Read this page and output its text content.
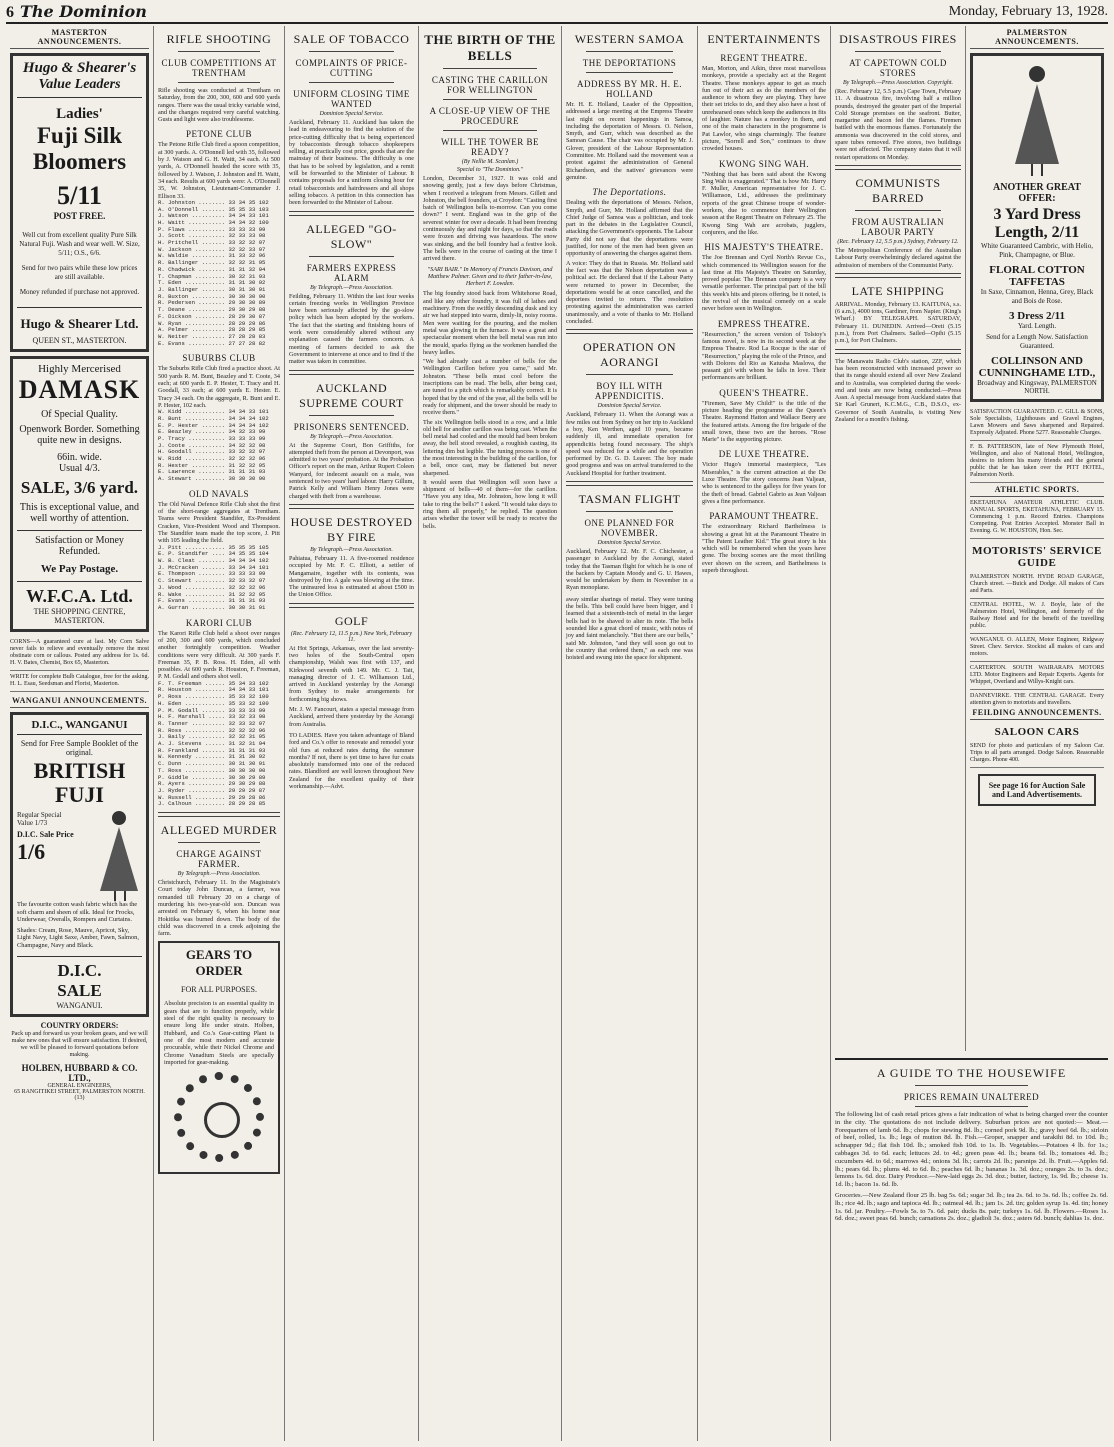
6 The Dominion	Monday, February 13, 1928.
MASTERTON ANNOUNCEMENTS.
Hugo & Shearer's
Value Leaders
Ladies'
Fuji Silk Bloomers
5/11
POST FREE.
Well cut from excellent quality Pure Silk Natural Fuji. Wash and wear well. W. Size, 5/11; O.S., 6/6.
Send for two pairs while these low prices are still available.
Money refunded if purchase not approved.
Hugo & Shearer Ltd.
QUEEN ST., MASTERTON.
Highly Mercerised
DAMASK
Of Special Quality.
Openwork Border. Something quite new in designs.
66in. wide.
Usual 4/3.
SALE, 3/6 yard.
This is exceptional value, and well worthy of attention.
Satisfaction or Money Refunded.
We Pay Postage.
W.F.C.A. Ltd.
THE SHOPPING CENTRE,
MASTERTON.
CORNS—A guaranteed cure at last. My Corn Salve never fails to relieve and eventually remove the most obstinate corn or callous. Posted any address for 1s. 6d. H. V. Bates, Chemist, Box 65, Masterton.
WRITE for complete Bulb Catalogue, free for the asking. H. L. Esau, Seedsman and Florist, Masterton.
WANGANUI ANNOUNCEMENTS.
D.I.C., WANGANUI
Send for Free Sample Booklet of the original.
BRITISH FUJI
Regular Special Value 1/73
D.I.C. Sale Price
1/6
The favourite cotton wash fabric which has the soft charm and sheen of silk. Ideal for Frocks, Underwear, Overalls, Rompers and Curtains.
Shades: Cream, Rose, Mauve, Apricot, Sky, Light Navy, Light Saxe, Amber, Fawn, Salmon, Champagne, Navy and Black.
D.I.C.
SALE
WANGANUI.
COUNTRY ORDERS:
Pack up and forward us your broken gears, and we will make new ones that will ensure satisfaction. If desired, we will be pleased to forward quotations before making.
HOLBEN, HUBBARD & CO. LTD.,
GENERAL ENGINEERS,
65 RANGITIKEI STREET, PALMERSTON NORTH. (13)
RIFLE SHOOTING
CLUB COMPETITIONS AT TRENTHAM
Rifle shooting was conducted at Trentham on Saturday, from the 200, 300, 600 and 600 yards ranges. There was the usual tricky variable wind, and the changes required very careful watching. Gusts and light were also troublesome.
PETONE CLUB
The Petone Rifle Club fired a spoon competition, at 300 yards. A. O'Donnell led with 35, followed by J. Watson and G. H. Waitt, 34 each. At 500 yards, A. O'Donnell headed the score with 35, followed by J. Watson, J. Johnston and H. Waitt, 34 each. Results at 600 yards were: A. O'Donnell 35, W. Johnston, Lieutenant-Commander J. Ellison 33.
R. Johnston ........ 33 34 35 102
A. O'Donnell ....... 35 35 33 103
J. Watson .......... 34 34 33 101
H. Waitt ........... 34 34 32 100
P. Flaws ........... 33 33 33 99
J. Scott ........... 32 33 33 98
H. Pritchell ....... 33 32 32 97
W. Jackson ......... 32 32 33 97
W. Waldie .......... 31 33 32 96
R. Ballinger ....... 32 32 31 95
R. Chadwick ........ 31 31 32 94
T. Chapman ......... 30 32 31 93
T. Eden ............ 31 31 30 92
J. Ballinger ....... 30 31 30 91
R. Buxton .......... 30 30 30 90
R. Pedersen ........ 29 30 30 89
T. Deane ........... 29 30 29 88
F. Dickson ......... 28 29 30 87
W. Ryan ............ 28 29 29 86
A. Pelmer .......... 28 28 29 85
W. Neiter .......... 27 28 28 83
E. Evans ........... 27 27 28 82
SUBURBS CLUB
The Suburbs Rifle Club fired a practice shoot. At 500 yards R. M. Bunt, Beazley and T. Coote, 34 each; at 600 yards E. P. Hester, T. Tracy and H. Goodall, 33 each; at 600 yards E. Hester. E. Tracy 34 each. On the aggregate, R. Bunt and E. P. Hester, 102 each.
W. Kidd ............ 34 34 33 101
R. Bunt ............ 34 34 34 102
E. P. Hester ....... 34 34 34 102
E. Beazley ......... 34 32 33 99
P. Tracy ........... 33 33 33 99
J. Coote ........... 34 32 32 98
H. Goodall ......... 33 32 32 97
W. Ridd ............ 32 32 32 96
R. Hester .......... 31 32 32 95
E. Lawrence ........ 31 31 31 93
A. Stewart ......... 30 30 30 90
OLD NAVALS
The Old Naval Defence Rifle Club shot the first of the short-range aggregates at Trentham. Teams were President Standifer, Ex-President Cracken, Vice-President Wood and Thompson. The Standifer team made the top score, J. Pitt with 105 leading the field.
J. Pitt ............ 35 35 35 105
E. P. Standifer .... 34 35 35 104
W. B. Cleat ........ 34 34 34 102
J. McCracken ....... 33 34 34 101
E. Thompson ........ 33 33 33 99
C. Stewart ......... 32 33 32 97
J. Wood ............ 32 32 32 96
R. Wake ............ 31 32 32 95
F. Evans ........... 31 31 31 93
A. Gurran .......... 30 30 31 91
KARORI CLUB
The Karori Rifle Club held a shoot over ranges of 200, 300 and 600 yards, which concluded another fortnightly competition. Weather conditions were very difficult. At 300 yards F. Freeman 35, P. B. Ross. H. Eden, all with possibles. At 600 yards R. Houston, F. Freeman, P. M. Godall and others shot well.
F. T. Freeman ...... 35 34 33 102
R. Houston ......... 34 34 33 101
P. Ross ............ 35 33 32 100
H. Eden ............ 35 33 32 100
P. M. Godall ....... 33 33 33 99
H. F. Marshall ..... 33 32 33 98
R. Tanner .......... 32 33 32 97
R. Ross ............ 32 32 32 96
J. Baily ........... 32 32 31 95
A. J. Stevens ...... 31 32 31 94
R. Frankland ....... 31 31 31 93
W. Kennedy ......... 31 31 30 92
C. Dunn ............ 30 31 30 91
T. Ross ............ 30 30 30 90
P. Giddle .......... 30 30 29 89
R. Ayers ........... 29 30 29 88
J. Ryder ........... 29 29 29 87
W. Russell ......... 29 29 28 86
J. Calhoun ......... 28 29 28 85
ALLEGED MURDER
CHARGE AGAINST FARMER.
By Telegraph.—Press Association.
Christchurch, February 11. In the Magistrate's Court today John Duncan, a farmer, was remanded till February 20 on a charge of murdering his two-year-old son. Duncan was arrested on February 6, when his home near Hokitika was burned down. The body of the child was discovered in a creek adjoining the farm.
GEARS TO ORDER
FOR ALL PURPOSES.
Absolute precision is an essential quality in gears that are to function properly, while steel of the right quality is necessary to ensure long life under strain. Holben, Hubbard, and Co.'s Gear-cutting Plant is one of the most modern and accurate procurable, while their Nickel Chrome and Chrome Vanadium Steels are specially imported for gear-making.
SALE OF TOBACCO
COMPLAINTS OF PRICE-CUTTING
UNIFORM CLOSING TIME WANTED
Dominion Special Service.
Auckland, February 11. Auckland has taken the lead in endeavouring to find the solution of the price-cutting difficulty that is being experienced by tobacconists through tobacco shopkeepers selling, at practically cost price, goods that are the mainstay of their business. The difficulty is one that has to be solved by legislation, and a remit will be forwarded to the Minister of Labour. It contains proposals for a uniform closing hour for retail tobacconists and hairdressers and all shops selling tobacco. A petition in this connection has been forwarded to the Minister of Labour.
ALLEGED "GO-SLOW"
FARMERS EXPRESS ALARM
By Telegraph.—Press Association.
Feilding, February 11. Within the last four weeks certain freezing works in Wellington Province have been seriously affected by the go-slow policy which has been adopted by the workers. The fact that the starting and finishing hours of work were considerably altered without any explanation caused the farmers concern. A meeting of farmers decided to ask the Government to intervene at once and to find if the matter was taken in committee.
AUCKLAND SUPREME COURT
PRISONERS SENTENCED.
By Telegraph.—Press Association.
At the Supreme Court, Bon Griffiths, for attempted theft from the person at Devonport, was admitted to two years' probation. At the Probation Officer's report on the man, Arthur Rupert Coleen Wanyard, for indecent assault on a male, was sentenced to two years' hard labour. Harry Gillum, Patrick Kelly and William Henry Jones were charged with theft from a warehouse.
HOUSE DESTROYED BY FIRE
By Telegraph.—Press Association.
Pahiatua, February 11. A five-roomed residence occupied by Mr. F. C. Elliott, a settler of Mangamaire, together with its contents, was destroyed by fire. A gale was blowing at the time. The uninsured loss is estimated at about £500 in the Union Office.
GOLF
(Rec. February 12, 11.5 p.m.) New York, February 11.
At Hot Springs, Arkansas, over the last seventy-two holes of the South-Central open championship, Walsh was first with 137, and Kirkwood seventh with 149. Mr. C. J. Tait, managing director of J. C. Williamson Ltd., arrived in Auckland yesterday by the Aorangi from Sydney to make arrangements for forthcoming big shows.
Mr. J. W. Fancourt, states a special message from Auckland, arrived there yesterday by the Aorangi from Australia.
TO LADIES. Have you taken advantage of Bland ford and Co.'s offer to renovate and remodel your old furs at reduced rates during the summer months? If not, there is yet time to have fur coats absolutely transformed into one of the reduced rates. Blandford are well known throughout New Zealand for the excellent quality of their workmanship.—Advt.
THE BIRTH OF THE BELLS
CASTING THE CARILLON FOR WELLINGTON
A CLOSE-UP VIEW OF THE PROCEDURE
WILL THE TOWER BE READY?
(By Nellie M. Scanlan.)
Special to "The Dominion."
London, December 31, 1927. It was cold and snowing gently, just a few days before Christmas, when I received a telegram from Messrs. Gillett and Johnston, the bell founders, at Croydon: "Casting first batch of Wellington bells to-morrow. Can you come down?" I went. England was in the grip of the severest winter for over a decade. It had been freezing continuously day and night for days, so that the roads were frozen and driving was hazardous. The snow was sinking, and the bell foundry had a festive look. The bells were in the course of casting at the time I arrived there.
"SARI BAIR." In Memory of Francis Davison, and Matthew Palmer. Given and to their father-in-law, Herbert F. Lowden.
The big foundry stood back from Whitehorse Road, and like any other foundry, it was full of lathes and machinery. From the swiftly descending dusk and icy air we had stepped into warm, dimly-lit, noisy rooms. Men were waiting for the pouring, and the molten metal was glowing in the furnace. It was a great and spectacular moment when the bell metal was run into the mould, sparks flying as the workmen handled the heavy ladles.
"We had already cast a number of bells for the Wellington Carillon before you came," said Mr. Johnston. "These bells must cool before the inscriptions can be read. The bells, after being cast, are tuned to a pitch which is remarkably correct. It is hoped that by the end of the year, all the bells will be ready for shipment, and the tower should be ready to receive them."
The six Wellington bells stood in a row, and a little old bell for another carillon was being cast. When the bell metal had cooled and the mould had been broken away, the bell stood revealed, a roughish casting, its lettering dim but legible. The tuning process is one of the most interesting in the building of the carillon, for a bell, once cast, may be flattened but never sharpened.
It would seem that Wellington will soon have a shipment of bells—40 of them—for the carillon. "Have you any idea, Mr. Johnston, how long it will take to ring the bells?" I asked. "It would take days to ring them all properly," he replied. The question arises whether the tower will be ready to receive the bells.
WESTERN SAMOA
THE DEPORTATIONS
ADDRESS BY MR. H. E. HOLLAND
Mr. H. E. Holland, Leader of the Opposition, addressed a large meeting at the Empress Theatre last night on recent happenings in Samoa, including the deportation of Messrs. O. Nelson, Smyth, and Gurr, which was described as the Samoan Cause. The chair was occupied by Mr. J. Glover, president of the Labour Representation Committee. Mr. Holland said the movement was a protest against the administration of General Richardson, and the natives' grievances were genuine.
The Deportations.
Dealing with the deportations of Messrs. Nelson, Smyth, and Gurr, Mr. Holland affirmed that the Chief Judge of Samoa was a politician, and took part in the debates in the Legislative Council, attacking the Government's opponents. The Labour Party did not say that the deportations were justified, for none of the men had been given an opportunity of answering the charges against them.
A voice: They do that in Russia. Mr. Holland said the fact was that the Nelson deportation was a political act. He declared that if the Labour Party were returned to power in December, the deportations would be at once cancelled, and the deportees invited to return. The resolution protesting against the administration was carried unanimously, and a vote of thanks to Mr. Holland concluded.
OPERATION ON AORANGI
BOY ILL WITH APPENDICITIS.
Dominion Special Service.
Auckland, February 11. When the Aorangi was a few miles out from Sydney on her trip to Auckland a boy, Ken Werthen, aged 10 years, became suddenly ill, and immediate operation for appendicitis being found necessary. The ship's speed was reduced for a while and the operation performed by Dr. G. D. Leaver. The boy made good progress and was on arrival transferred to the Auckland Hospital for further treatment.
TASMAN FLIGHT
ONE PLANNED FOR NOVEMBER.
Dominion Special Service.
Auckland, February 12. Mr. F. C. Chichester, a passenger to Auckland by the Aorangi, stated today that the Tasman flight for which he is one of the backers by Captain Moody and G. U. Hawes, would be undertaken by them in November in a Ryan monoplane.
away similar sharings of metal. They were tuning the bells. This bell could have been bigger, and I learned that a sixteenth-inch of metal in the larger bells had to be shaved to alter its note. The bells sounded like a great chord of music, with notes of joy and faint melancholy. "But there are our bells," said Mr. Johnston, "and they will soon go out to the country that ordered them," as each one was hoisted and swung into the space for shipment.
ENTERTAINMENTS
REGENT THEATRE.
Man, Morton, and Aikin, three most marvellous monkeys, provide a specialty act at the Regent Theatre. These monkeys appear to get as much fun out of their act as do the members of the audience to whom they are playing. They have their set tricks to do, and they also have a host of unrehearsed ones which keep the audiences in fits of laughter. Nature has a monkey in them, and one of the main characters in the programme is Pat Lawlor, who sings charmingly. The feature picture, "Sorrell and Son," continues to draw crowded houses.
KWONG SING WAH.
"Nothing that has been said about the Kwong Sing Wah is exaggerated." That is how Mr. Harry F. Muller, American representative for J. C. Williamson, Ltd., addresses the preliminary reports of the great Chinese troupe of wonder-workers, due to commence their Wellington season at the Regent Theatre on February 25. The Kwong Sing Wah are acrobats, jugglers, conjurers, and the like.
HIS MAJESTY'S THEATRE.
The Joe Brennan and Cyril North's Revue Co., which commenced its Wellington season for the last time at His Majesty's Theatre on Saturday, proved popular. The Brennan company is a very versatile performer. The principal part of the bill this week's hits and pieces offering, be it noted, is the revival of the musical comedy on a scale never before seen in Wellington.
EMPRESS THEATRE.
"Resurrection," the screen version of Tolstoy's famous novel, is now in its second week at the Empress Theatre. Rod La Rocque is the star of "Resurrection," playing the role of the Prince, and with Dolores del Rio as Katusha Maslova, the peasant girl with whom he falls in love. Their performances are brilliant.
QUEEN'S THEATRE.
"Firemen, Save My Child!" is the title of the picture heading the programme at the Queen's Theatre. Raymond Hatton and Wallace Beery are the featured artists. Among the fire brigade of the small town, these two are the heroes. "Rose Marie" is the supporting picture.
DE LUXE THEATRE.
Victor Hugo's immortal masterpiece, "Les Miserables," is the current attraction at the De Luxe Theatre. The story concerns Jean Valjean, who is sentenced to the galleys for five years for the theft of bread. Gabriel Gabrio as Jean Valjean gives a fine performance.
PARAMOUNT THEATRE.
The extraordinary Richard Barthelmess is showing a great hit at the Paramount Theatre in "The Patent Leather Kid." The great story is his which will be remembered when the years have gone. The boxing scenes are the most thrilling ever shown on the screen, and Barthelmess is superb throughout.
DISASTROUS FIRES
AT CAPETOWN COLD STORES
By Telegraph.—Press Association. Copyright.
(Rec. February 12, 5.5 p.m.) Cape Town, February 11. A disastrous fire, involving half a million pounds, destroyed the greater part of the Imperial Cold Storage premises on the seafront. Butter, margarine and bacon fed the flames. Firemen battled with the enormous flames. Fortunately the ammonia was discovered in the cold stores, and spare tubes removed. Five stores, two buildings were not affected. The company states that it will restart operations on Monday.
COMMUNISTS BARRED
FROM AUSTRALIAN LABOUR PARTY
(Rec. February 12, 5.5 p.m.) Sydney, February 12.
The Metropolitan Conference of the Australian Labour Party overwhelmingly declared against the admission of members of the Communist Party.
LATE SHIPPING
ARRIVAL. Monday, February 13. KAITUNA, s.s. (6 a.m.), 4000 tons, Gardiner, from Napier. (King's Wharf.) BY TELEGRAPH. SATURDAY, February 11. DUNEDIN. Arrived—Oreti (5.15 p.m.), from Port Chalmers. Sailed—Opihi (5.15 p.m.), for Port Chalmers.
The Manawatu Radio Club's station, 2ZF, which has been reconstructed with increased power so that its range should extend all over New Zealand and to Australia, was completed during the week-end and tests are now being conducted.—Press Assn. A special message from Auckland states that Sir Karl Grunert, K.C.M.G., C.B., D.S.O., ex-Governor of South Australia, is visiting New Zealand for a month's fishing.
PALMERSTON ANNOUNCEMENTS.
ANOTHER GREAT OFFER:
3 Yard Dress Length, 2/11
White Guaranteed Cambric, with Helio, Pink, Champagne, or Blue.
FLORAL COTTON TAFFETAS
In Saxe, Cinnamon, Henna, Grey, Black and Bois de Rose.
3 Dress 2/11
Yard. Length.
Send for a Length Now. Satisfaction Guaranteed.
COLLINSON AND CUNNINGHAME LTD.,
Broadway and Kingsway, PALMERSTON NORTH.
SATISFACTION GUARANTEED. C. GILL & SONS, Sole Specialists, Lighthouses and Gravel Engines, Lawn Mowers and Saws sharpened and Repaired. Expressly Adjusted. Phone 5277. Reasonable Charges.
F. B. PATTERSON, late of New Plymouth Hotel, Wellington, and also of National Hotel, Wellington, desires to inform his many friends and the general public that he has taken over the PITT HOTEL, Palmerston North.
ATHLETIC SPORTS.
EKETAHUNA AMATEUR ATHLETIC CLUB. ANNUAL SPORTS, EKETAHUNA, FEBRUARY 15. Commencing 1 p.m. Record Entries. Champions Competing. Post Entries Accepted. Monster Ball in Evening. G. W. HOUSTON, Hon. Sec.
MOTORISTS' SERVICE GUIDE
PALMERSTON NORTH. HYDE ROAD GARAGE, Church street. —Buick and Dodge. All makes of Cars and Parts.
CENTRAL HOTEL, W. J. Boyle, late of the Palmerston Hotel, Wellington, and formerly of the Railway Hotel and for the benefit of the travelling public.
WANGANUI. O. ALLEN, Motor Engineer, Ridgway Street. Chev. Service. Stockist all makes of cars and motors.
CARTERTON. SOUTH WAIRARAPA MOTORS LTD. Motor Engineers and Repair Experts. Agents for Whippet, Overland and Willys-Knight cars.
DANNEVIRKE. THE CENTRAL GARAGE. Every attention given to motorists and travellers.
FEILDING ANNOUNCEMENTS.
SALOON CARS
SEND for photo and particulars of my Saloon Car. Trips to all parts arranged. Dodge Saloon. Reasonable Charges. Phone 400.
See page 16 for Auction Sale and Land Advertisements.
A GUIDE TO THE HOUSEWIFE
PRICES REMAIN UNALTERED
The following list of cash retail prices gives a fair indication of what is being charged over the counter in the city. The quotations do not include delivery. Suburban prices are not quoted:— Meat.—Forequarters of lamb 6d. lb.; chops for stewing 8d. lb.; corned pork 9d. lb.; gravy beef 6d. lb.; sirloin of beef, rolled, 1s. lb.; legs of mutton 8d. lb. Fish.—Groper, snapper and tarakihi 8d. to 10d. lb.; schnapper 9d.; flat fish 10d. lb.; smoked fish 10d. to 1s. lb. Vegetables.—Potatoes 4 lb. for 1s.; cabbages 3d. to 6d. each; lettuces 2d. to 4d.; green peas 4d. lb.; beans 6d. lb.; tomatoes 4d. lb.; cucumbers 4d. to 6d.; marrows 4d.; onions 3d. lb.; carrots 2d. lb.; parsnips 2d. lb. Fruit.—Apples 6d. lb.; pears 6d. lb.; plums 4d. to 6d. lb.; peaches 6d. lb.; bananas 1s. 3d. doz.; oranges 2s. to 3s. doz.; lemons 1s. 6d. doz. Dairy Produce.—New-laid eggs 2s. 3d. doz.; butter, factory, 1s. 9d. lb.; cheese 1s. 1d. lb.; bacon 1s. 6d. lb.
Groceries.—New Zealand flour 25 lb. bag 5s. 6d.; sugar 3d. lb.; tea 2s. 6d. to 3s. 6d. lb.; coffee 2s. 6d. lb.; rice 4d. lb.; sago and tapioca 4d. lb.; oatmeal 4d. lb.; jam 1s. 2d. tin; golden syrup 1s. 4d. tin; honey 1s. 6d. jar. Poultry.—Fowls 5s. to 7s. 6d. pair; ducks 8s. pair; turkeys 1s. 6d. lb. Flowers.—Roses 1s. 6d. doz.; sweet peas 6d. bunch; carnations 2s. doz.; gladioli 3s. doz.; asters 6d. bunch; dahlias 1s. doz.
